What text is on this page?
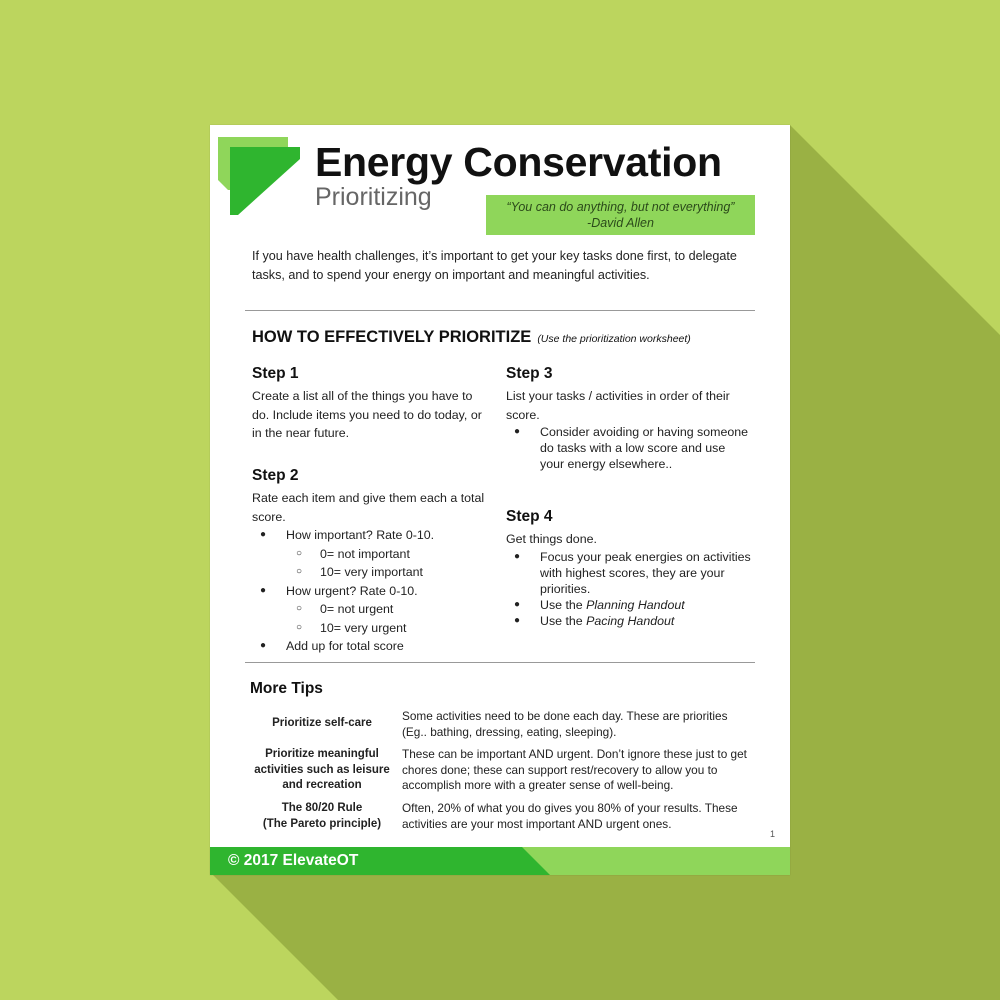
Energy Conservation
Prioritizing	“You can do anything, but not everything”
-David Allen
If you have health challenges, it’s important to get your key tasks done first, to delegate tasks, and to spend your energy on important and meaningful activities.
HOW TO EFFECTIVELY PRIORITIZE (Use the prioritization worksheet)
Step 1
Create a list all of the things you have to do. Include items you need to do today, or in the near future.
Step 2
Rate each item and give them each a total score.
● How important? Rate 0-10.
○ 0= not important
○ 10= very important
● How urgent? Rate 0-10.
○ 0= not urgent
○ 10= very urgent
● Add up for total score
Step 3
List your tasks / activities in order of their score.
● Consider avoiding or having someone do tasks with a low score and use your energy elsewhere..
Step 4
Get things done.
● Focus your peak energies on activities with highest scores, they are your priorities.
● Use the Planning Handout
● Use the Pacing Handout
More Tips
Prioritize self-care	Some activities need to be done each day. These are priorities (Eg.. bathing, dressing, eating, sleeping).
Prioritize meaningful activities such as leisure and recreation
These can be important AND urgent. Don’t ignore these just to get chores done; these can support rest/recovery to allow you to accomplish more with a greater sense of well-being.
The 80/20 Rule
(The Pareto principle)
Often, 20% of what you do gives you 80% of your results. These activities are your most important AND urgent ones.
1
© 2017 ElevateOT
